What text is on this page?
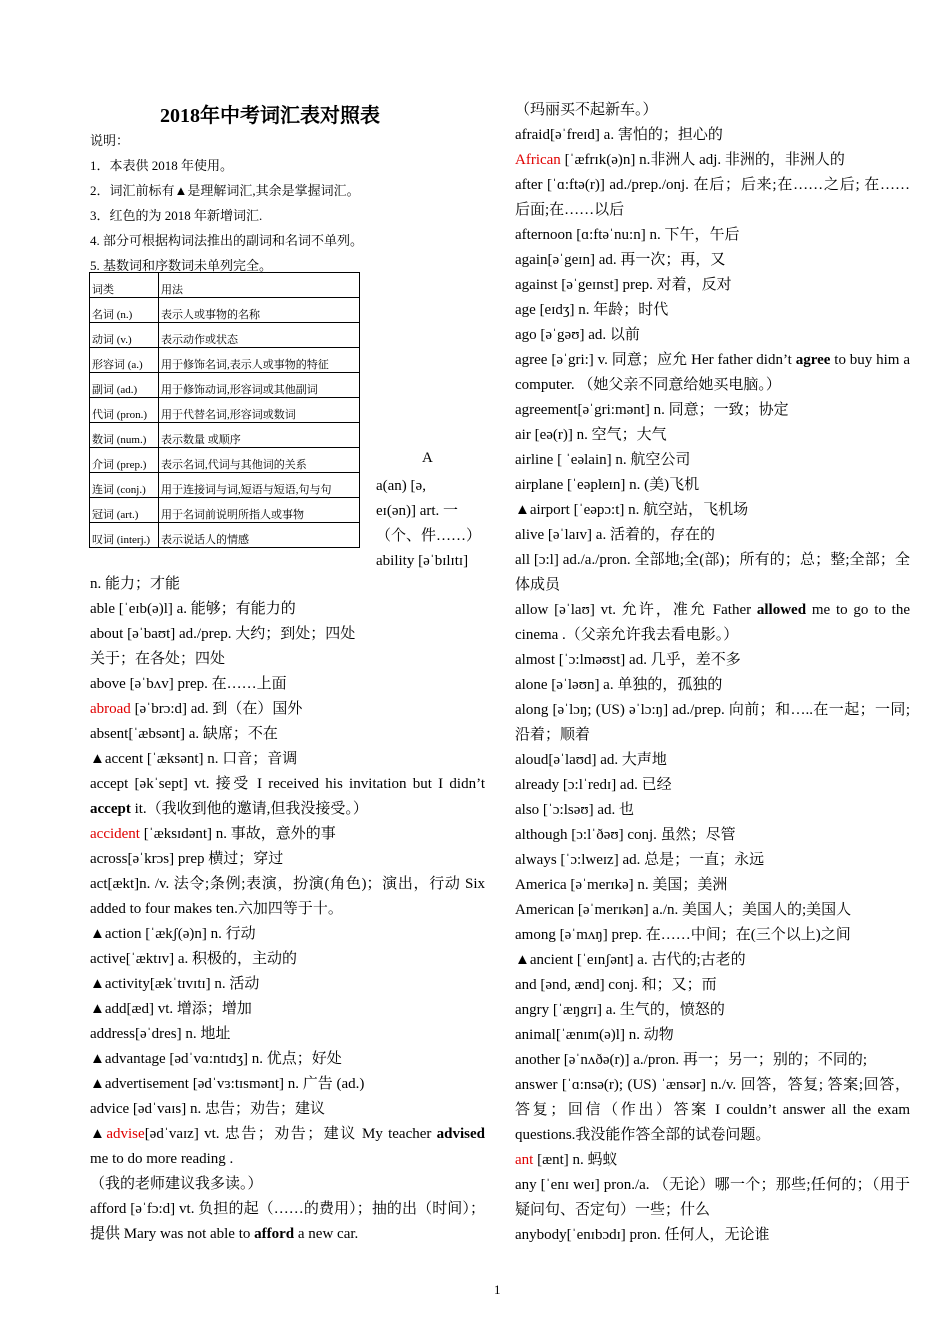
2018年中考词汇表对照表
说明：
1．本表供 2018 年使用。
2．词汇前标有▲是理解词汇,其余是掌握词汇。
3．红色的为 2018 年新增词汇.
4. 部分可根据构词法推出的副词和名词不单列。
5. 基数词和序数词未单列完全。
词类	用法
名词 (n.)	表示人或事物的名称
动词 (v.)	表示动作或状态
形容词 (a.)	用于修饰名词,表示人或事物的特征
副词 (ad.)	用于修饰动词,形容词或其他副词
代词 (pron.)	用于代替名词,形容词或数词
数词 (num.)	表示数量 或顺序
介词 (prep.)	表示名词,代词与其他词的关系
连词 (conj.)	用于连接词与词,短语与短语,句与句
冠词 (art.)	用于名词前说明所指人或事物
叹词 (interj.)	表示说话人的情感
A
a(an) [ə,
eɪ(ən)] art. 一
（个、件……）
ability [əˈbɪlɪtɪ]
n. 能力；才能
able [ˈeɪb(ə)l] a. 能够；有能力的
about [əˈbaʊt] ad./prep. 大约；到处；四处
关于；在各处；四处
above [əˈbʌv] prep. 在……上面
abroad [əˈbrɔ:d] ad. 到（在）国外
absent[ˈæbsənt] a. 缺席；不在
▲accent [ˈæksənt] n. 口音；音调
accept [əkˈsept] vt. 接受 I received his invitation but I didn’t accept it.（我收到他的邀请,但我没接受。）
accident [ˈæksɪdənt] n. 事故，意外的事
across[əˈkrɔs] prep 横过；穿过
act[ækt]n. /v. 法令;条例;表演，扮演(角色)；演出，行动 Six added to four makes ten.六加四等于十。
▲action [ˈækʃ(ə)n] n. 行动
active[ˈæktɪv] a. 积极的，主动的
▲activity[ækˈtɪvɪtɪ] n. 活动
▲add[æd] vt. 增添；增加
address[əˈdres] n. 地址
▲advantage [ədˈvɑ:ntɪdʒ] n. 优点；好处
▲advertisement [ədˈvɜ:tɪsmənt] n. 广告 (ad.)
advice [ədˈvaɪs] n. 忠告；劝告；建议
▲advise[ədˈvaɪz] vt. 忠告；劝告；建议 My teacher advised me to do more reading .
（我的老师建议我多读。）
afford [əˈfɔ:d] vt. 负担的起（……的费用）；抽的出（时间）；提供 Mary was not able to afford a new car.
（玛丽买不起新车。）
afraid[əˈfreɪd] a. 害怕的；担心的
African [ˈæfrɪk(ə)n] n.非洲人 adj. 非洲的，非洲人的
after [ˈɑ:ftə(r)] ad./prep./onj. 在后；后来;在……之后; 在……后面;在……以后
afternoon [ɑ:ftəˈnu:n] n. 下午，午后
again[əˈgeɪn] ad. 再一次；再，又
against [əˈgeɪnst] prep. 对着，反对
age [eɪdʒ] n. 年龄；时代
ago [əˈgəʊ] ad. 以前
agree [əˈgri:] v. 同意；应允 Her father didn’t agree to buy him a computer. （她父亲不同意给她买电脑。）
agreement[əˈgri:mənt] n. 同意；一致；协定
air [eə(r)] n. 空气；大气
airline [ ˈeəlain] n. 航空公司
airplane [ˈeəpleɪn] n. (美)飞机
▲airport [ˈeəpɔ:t] n. 航空站，飞机场
alive [əˈlaɪv] a. 活着的，存在的
all [ɔ:l] ad./a./pron. 全部地;全(部)；所有的；总；整;全部；全体成员
allow [əˈlaʊ] vt. 允许，准允 Father allowed me to go to the cinema .（父亲允许我去看电影。）
almost [ˈɔ:lməʊst] ad. 几乎，差不多
alone [əˈləʊn] a. 单独的，孤独的
along [əˈlɔŋ; (US) əˈlɔ:ŋ] ad./prep. 向前；和…..在一起；一同;沿着；顺着
aloud[əˈlaʊd] ad. 大声地
already [ɔ:lˈredɪ] ad. 已经
also [ˈɔ:lsəʊ] ad. 也
although [ɔ:lˈðəʊ] conj. 虽然；尽管
always [ˈɔ:lweɪz] ad. 总是；一直；永远
America [əˈmerɪkə] n. 美国；美洲
American [əˈmerɪkən] a./n. 美国人；美国人的;美国人
among [əˈmʌŋ] prep. 在……中间；在(三个以上)之间
▲ancient [ˈeɪnʃənt] a. 古代的;古老的
and [ənd, ænd] conj. 和；又；而
angry [ˈæŋgrɪ] a. 生气的，愤怒的
animal[ˈænɪm(ə)l] n. 动物
another [əˈnʌðə(r)] a./pron. 再一；另一；别的；不同的;
answer [ˈɑ:nsə(r); (US) ˈænsər] n./v. 回答，答复; 答案;回答，答复；回信（作出）答案 I couldn’t answer all the exam questions.我没能作答全部的试卷问题。
ant [ænt] n. 蚂蚁
any [ˈenɪ weɪ] pron./a. （无论）哪一个；那些;任何的；（用于疑问句、否定句）一些；什么
anybody[ˈenɪbɔdɪ] pron. 任何人，无论谁
1
